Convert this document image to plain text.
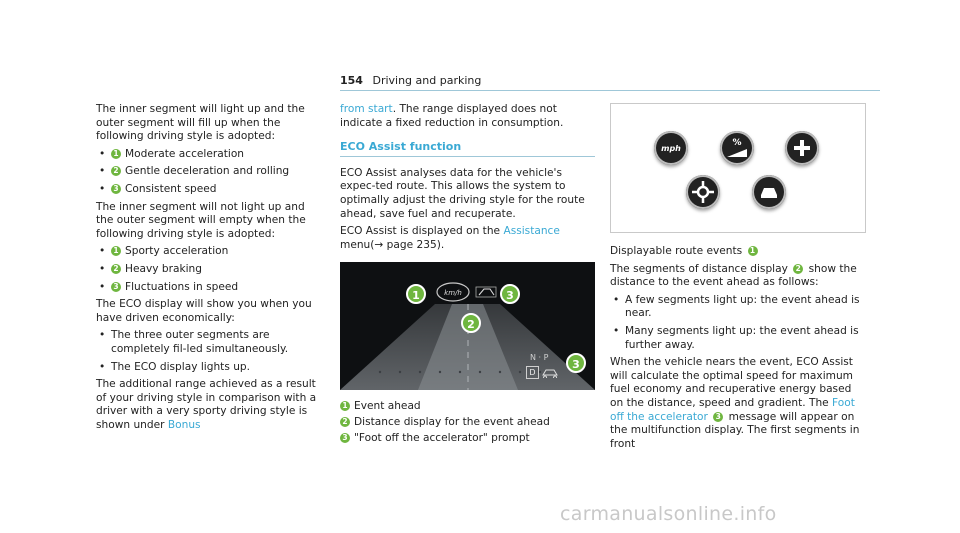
154 Driving and parking

The inner segment will light up and the outer segment will fill up when the following driving style is adopted:

• 1 Moderate acceleration
• 2 Gentle deceleration and rolling
• 3 Consistent speed

The inner segment will not light up and the outer segment will empty when the following driving style is adopted:

• 1 Sporty acceleration
• 2 Heavy braking
• 3 Fluctuations in speed

The ECO display will show you when you have driven economically:

• The three outer segments are completely fil-led simultaneously.
• The ECO display lights up.

The additional range achieved as a result of your driving style in comparison with a driver with a very sporty driving style is shown under Bonus

from start. The range displayed does not indicate a fixed reduction in consumption.

ECO Assist function

ECO Assist analyses data for the vehicle's expec-ted route. This allows the system to optimally adjust the driving style for the route ahead, save fuel and recuperate.

ECO Assist is displayed on the Assistance menu(→ page 235).

km/h
1
2
3
3
N · P
D
1 Event ahead
2 Distance display for the event ahead
3 "Foot off the accelerator" prompt
mph
%

Displayable route events 1

The segments of distance display 2 show the distance to the event ahead as follows:

• A few segments light up: the event ahead is near.
• Many segments light up: the event ahead is further away.

When the vehicle nears the event, ECO Assist will calculate the optimal speed for maximum fuel economy and recuperative energy based on the distance, speed and gradient. The Foot off the accelerator 3 message will appear on the multifunction display. The first segments in front

carmanualsonline.info
